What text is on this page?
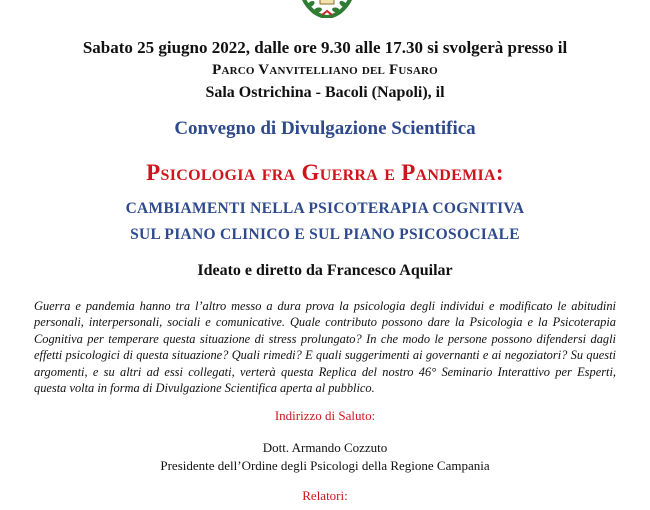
Sabato 25 giugno 2022, dalle ore 9.30 alle 17.30 si svolgerà presso il
Parco Vanvitelliano del Fusaro
Sala Ostrichina - Bacoli (Napoli), il
Convegno di Divulgazione Scientifica
Psicologia fra Guerra e Pandemia:
CAMBIAMENTI NELLA PSICOTERAPIA COGNITIVA
SUL PIANO CLINICO E SUL PIANO PSICOSOCIALE
Ideato e diretto da Francesco Aquilar
Guerra e pandemia hanno tra l’altro messo a dura prova la psicologia degli individui e modificato le abitudini personali, interpersonali, sociali e comunicative. Quale contributo possono dare la Psicologia e la Psicoterapia Cognitiva per temperare questa situazione di stress prolungato? In che modo le persone possono difendersi dagli effetti psicologici di questa situazione? Quali rimedi? E quali suggerimenti ai governanti e ai negoziatori? Su questi argomenti, e su altri ad essi collegati, verterà questa Replica del nostro 46° Seminario Interattivo per Esperti, questa volta in forma di Divulgazione Scientifica aperta al pubblico.
Indirizzo di Saluto:
Dott. Armando Cozzuto
Presidente dell’Ordine degli Psicologi della Regione Campania
Relatori:
